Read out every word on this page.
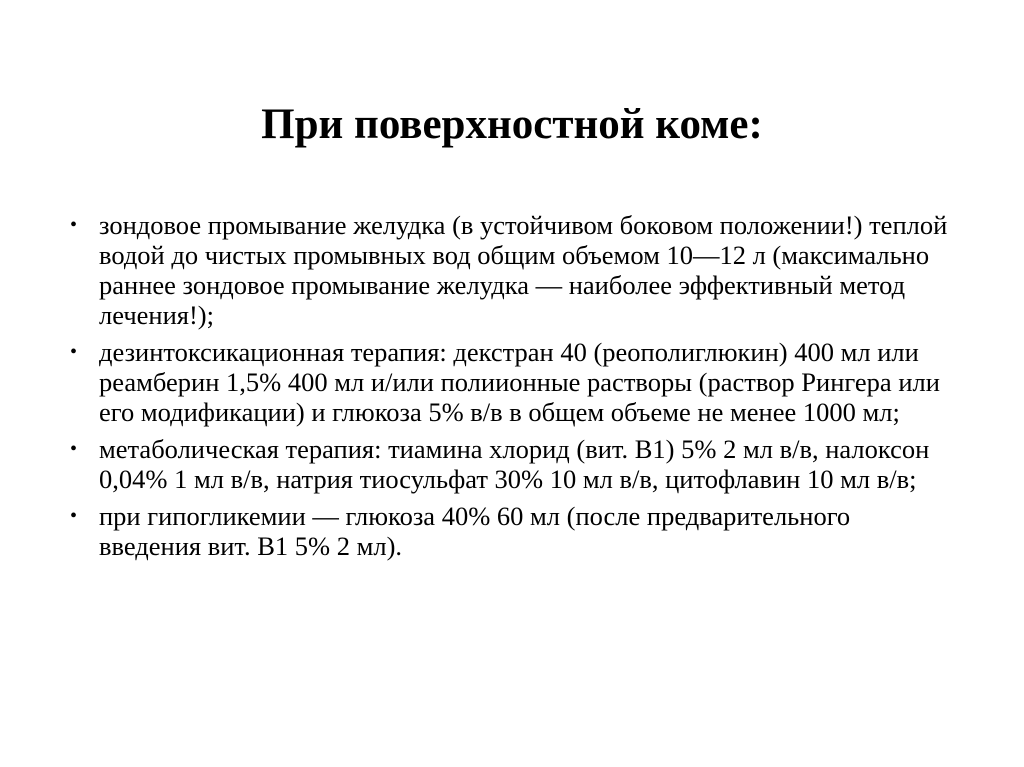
При поверхностной коме:
• зондовое промывание желудка (в устойчивом боковом положении!) теплой водой до чистых промывных вод общим объемом 10—12 л (максимально раннее зондовое промывание желудка — наиболее эффективный метод лечения!);
• дезинтоксикационная терапия: декстран 40 (реополиглюкин) 400 мл или реамберин 1,5% 400 мл и/или полиионные растворы (раствор Рингера или его модификации) и глюкоза 5% в/в в общем объеме не менее 1000 мл;
• метаболическая терапия: тиамина хлорид (вит. B1) 5% 2 мл в/в, налоксон 0,04% 1 мл в/в, натрия тиосульфат 30% 10 мл в/в, цитофлавин 10 мл в/в;
• при гипогликемии — глюкоза 40% 60 мл (после предварительного введения вит. B1 5% 2 мл).
